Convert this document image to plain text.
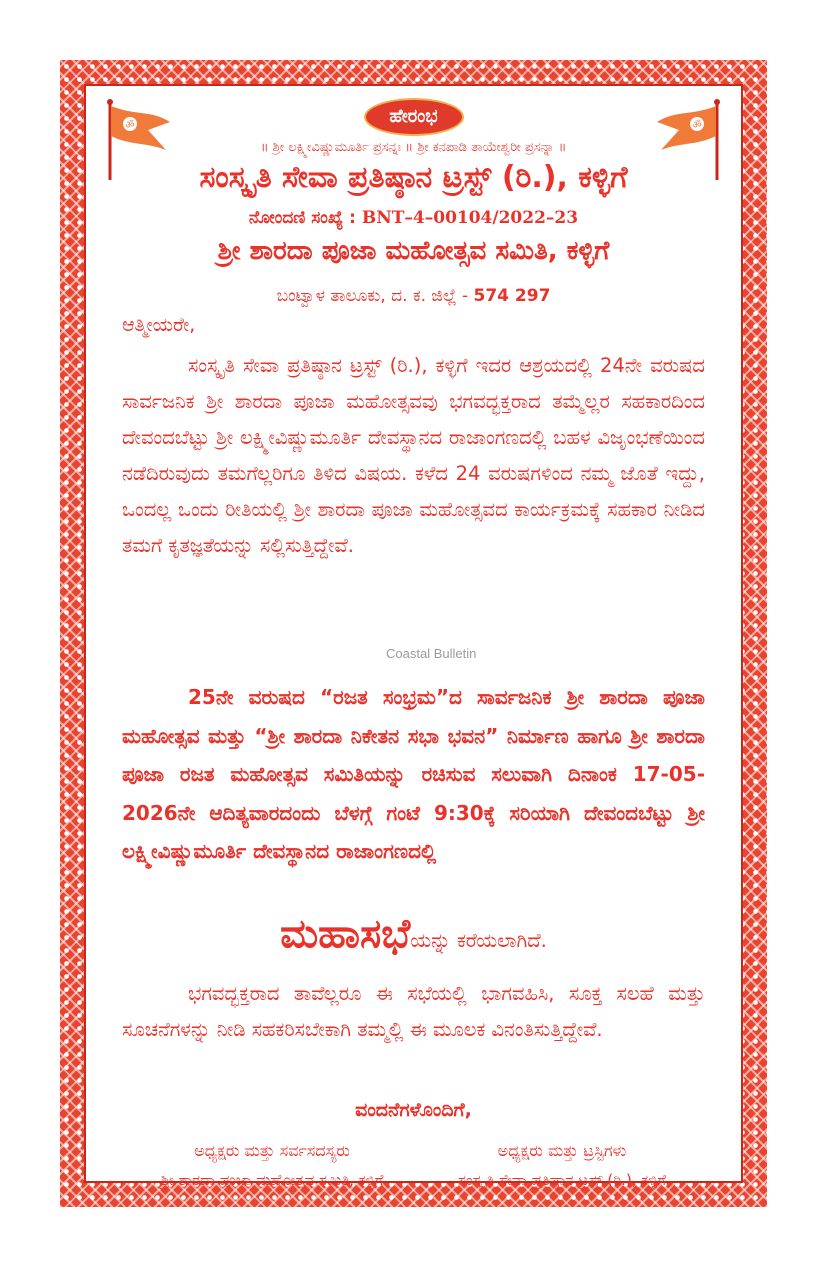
ॐ	ॐ
ಹೇರಂಭ
॥ ಶ್ರೀ ಲಕ್ಷ್ಮೀವಿಷ್ಣುಮೂರ್ತಿ ಪ್ರಸನ್ನಃ ॥ ಶ್ರೀ ಕನಪಾಡಿ ತಾಯೇಶ್ವರೀ ಪ್ರಸನ್ನಾ ॥
ಸಂಸ್ಕೃತಿ ಸೇವಾ ಪ್ರತಿಷ್ಠಾನ ಟ್ರಸ್ಟ್ (ರಿ.), ಕಳ್ಳಿಗೆ
ನೋಂದಣಿ ಸಂಖ್ಯೆ : BNT–4–00104/2022–23
ಶ್ರೀ ಶಾರದಾ ಪೂಜಾ ಮಹೋತ್ಸವ ಸಮಿತಿ, ಕಳ್ಳಿಗೆ
ಬಂಟ್ವಾಳ ತಾಲೂಕು, ದ. ಕ. ಜಿಲ್ಲೆ - 574 297
ಆತ್ಮೀಯರೇ,
ಸಂಸ್ಕೃತಿ ಸೇವಾ ಪ್ರತಿಷ್ಠಾನ ಟ್ರಸ್ಟ್ (ರಿ.), ಕಳ್ಳಿಗೆ ಇದರ ಆಶ್ರಯದಲ್ಲಿ 24ನೇ ವರುಷದ ಸಾರ್ವಜನಿಕ ಶ್ರೀ ಶಾರದಾ ಪೂಜಾ ಮಹೋತ್ಸವವು ಭಗವದ್ಭಕ್ತರಾದ ತಮ್ಮೆಲ್ಲರ ಸಹಕಾರದಿಂದ ದೇವಂದಬೆಟ್ಟು ಶ್ರೀ ಲಕ್ಷ್ಮೀವಿಷ್ಣುಮೂರ್ತಿ ದೇವಸ್ಥಾನದ ರಾಜಾಂಗಣದಲ್ಲಿ ಬಹಳ ವಿಜೃಂಭಣೆಯಿಂದ ನಡೆದಿರುವುದು ತಮಗೆಲ್ಲರಿಗೂ ತಿಳಿದ ವಿಷಯ. ಕಳೆದ 24 ವರುಷಗಳಿಂದ ನಮ್ಮ ಜೊತೆ ಇದ್ದು, ಒಂದಲ್ಲ ಒಂದು ರೀತಿಯಲ್ಲಿ ಶ್ರೀ ಶಾರದಾ ಪೂಜಾ ಮಹೋತ್ಸವದ ಕಾರ್ಯಕ್ರಮಕ್ಕೆ ಸಹಕಾರ ನೀಡಿದ ತಮಗೆ ಕೃತಜ್ಞತೆಯನ್ನು ಸಲ್ಲಿಸುತ್ತಿದ್ದೇವೆ.
Coastal Bulletin
25ನೇ ವರುಷದ “ರಜತ ಸಂಭ್ರಮ”ದ ಸಾರ್ವಜನಿಕ ಶ್ರೀ ಶಾರದಾ ಪೂಜಾ ಮಹೋತ್ಸವ ಮತ್ತು “ಶ್ರೀ ಶಾರದಾ ನಿಕೇತನ ಸಭಾ ಭವನ” ನಿರ್ಮಾಣ ಹಾಗೂ ಶ್ರೀ ಶಾರದಾ ಪೂಜಾ ರಜತ ಮಹೋತ್ಸವ ಸಮಿತಿಯನ್ನು ರಚಿಸುವ ಸಲುವಾಗಿ ದಿನಾಂಕ 17-05-2026ನೇ ಆದಿತ್ಯವಾರದಂದು ಬೆಳಗ್ಗೆ ಗಂಟೆ 9:30ಕ್ಕೆ ಸರಿಯಾಗಿ ದೇವಂದಬೆಟ್ಟು ಶ್ರೀ ಲಕ್ಷ್ಮೀವಿಷ್ಣುಮೂರ್ತಿ ದೇವಸ್ಥಾನದ ರಾಜಾಂಗಣದಲ್ಲಿ
ಮಹಾಸಭೆಯನ್ನು ಕರೆಯಲಾಗಿದೆ.
ಭಗವದ್ಭಕ್ತರಾದ ತಾವೆಲ್ಲರೂ ಈ ಸಭೆಯಲ್ಲಿ ಭಾಗವಹಿಸಿ, ಸೂಕ್ತ ಸಲಹೆ ಮತ್ತು ಸೂಚನೆಗಳನ್ನು ನೀಡಿ ಸಹಕರಿಸಬೇಕಾಗಿ ತಮ್ಮಲ್ಲಿ ಈ ಮೂಲಕ ವಿನಂತಿಸುತ್ತಿದ್ದೇವೆ.
ವಂದನೆಗಳೊಂದಿಗೆ,
ಅಧ್ಯಕ್ಷರು ಮತ್ತು ಸರ್ವಸದಸ್ಯರು
ಶ್ರೀ ಶಾರದಾ ಪೂಜಾ ಮಹೋತ್ಸವ ಸಮಿತಿ, ಕಳ್ಳಿಗೆ
ಅಧ್ಯಕ್ಷರು ಮತ್ತು ಟ್ರಸ್ಟಿಗಳು
ಸಂಸ್ಕೃತಿ ಸೇವಾ ಪ್ರತಿಷ್ಠಾನ ಟ್ರಸ್ಟ್ (ರಿ.), ಕಳ್ಳಿಗೆ
